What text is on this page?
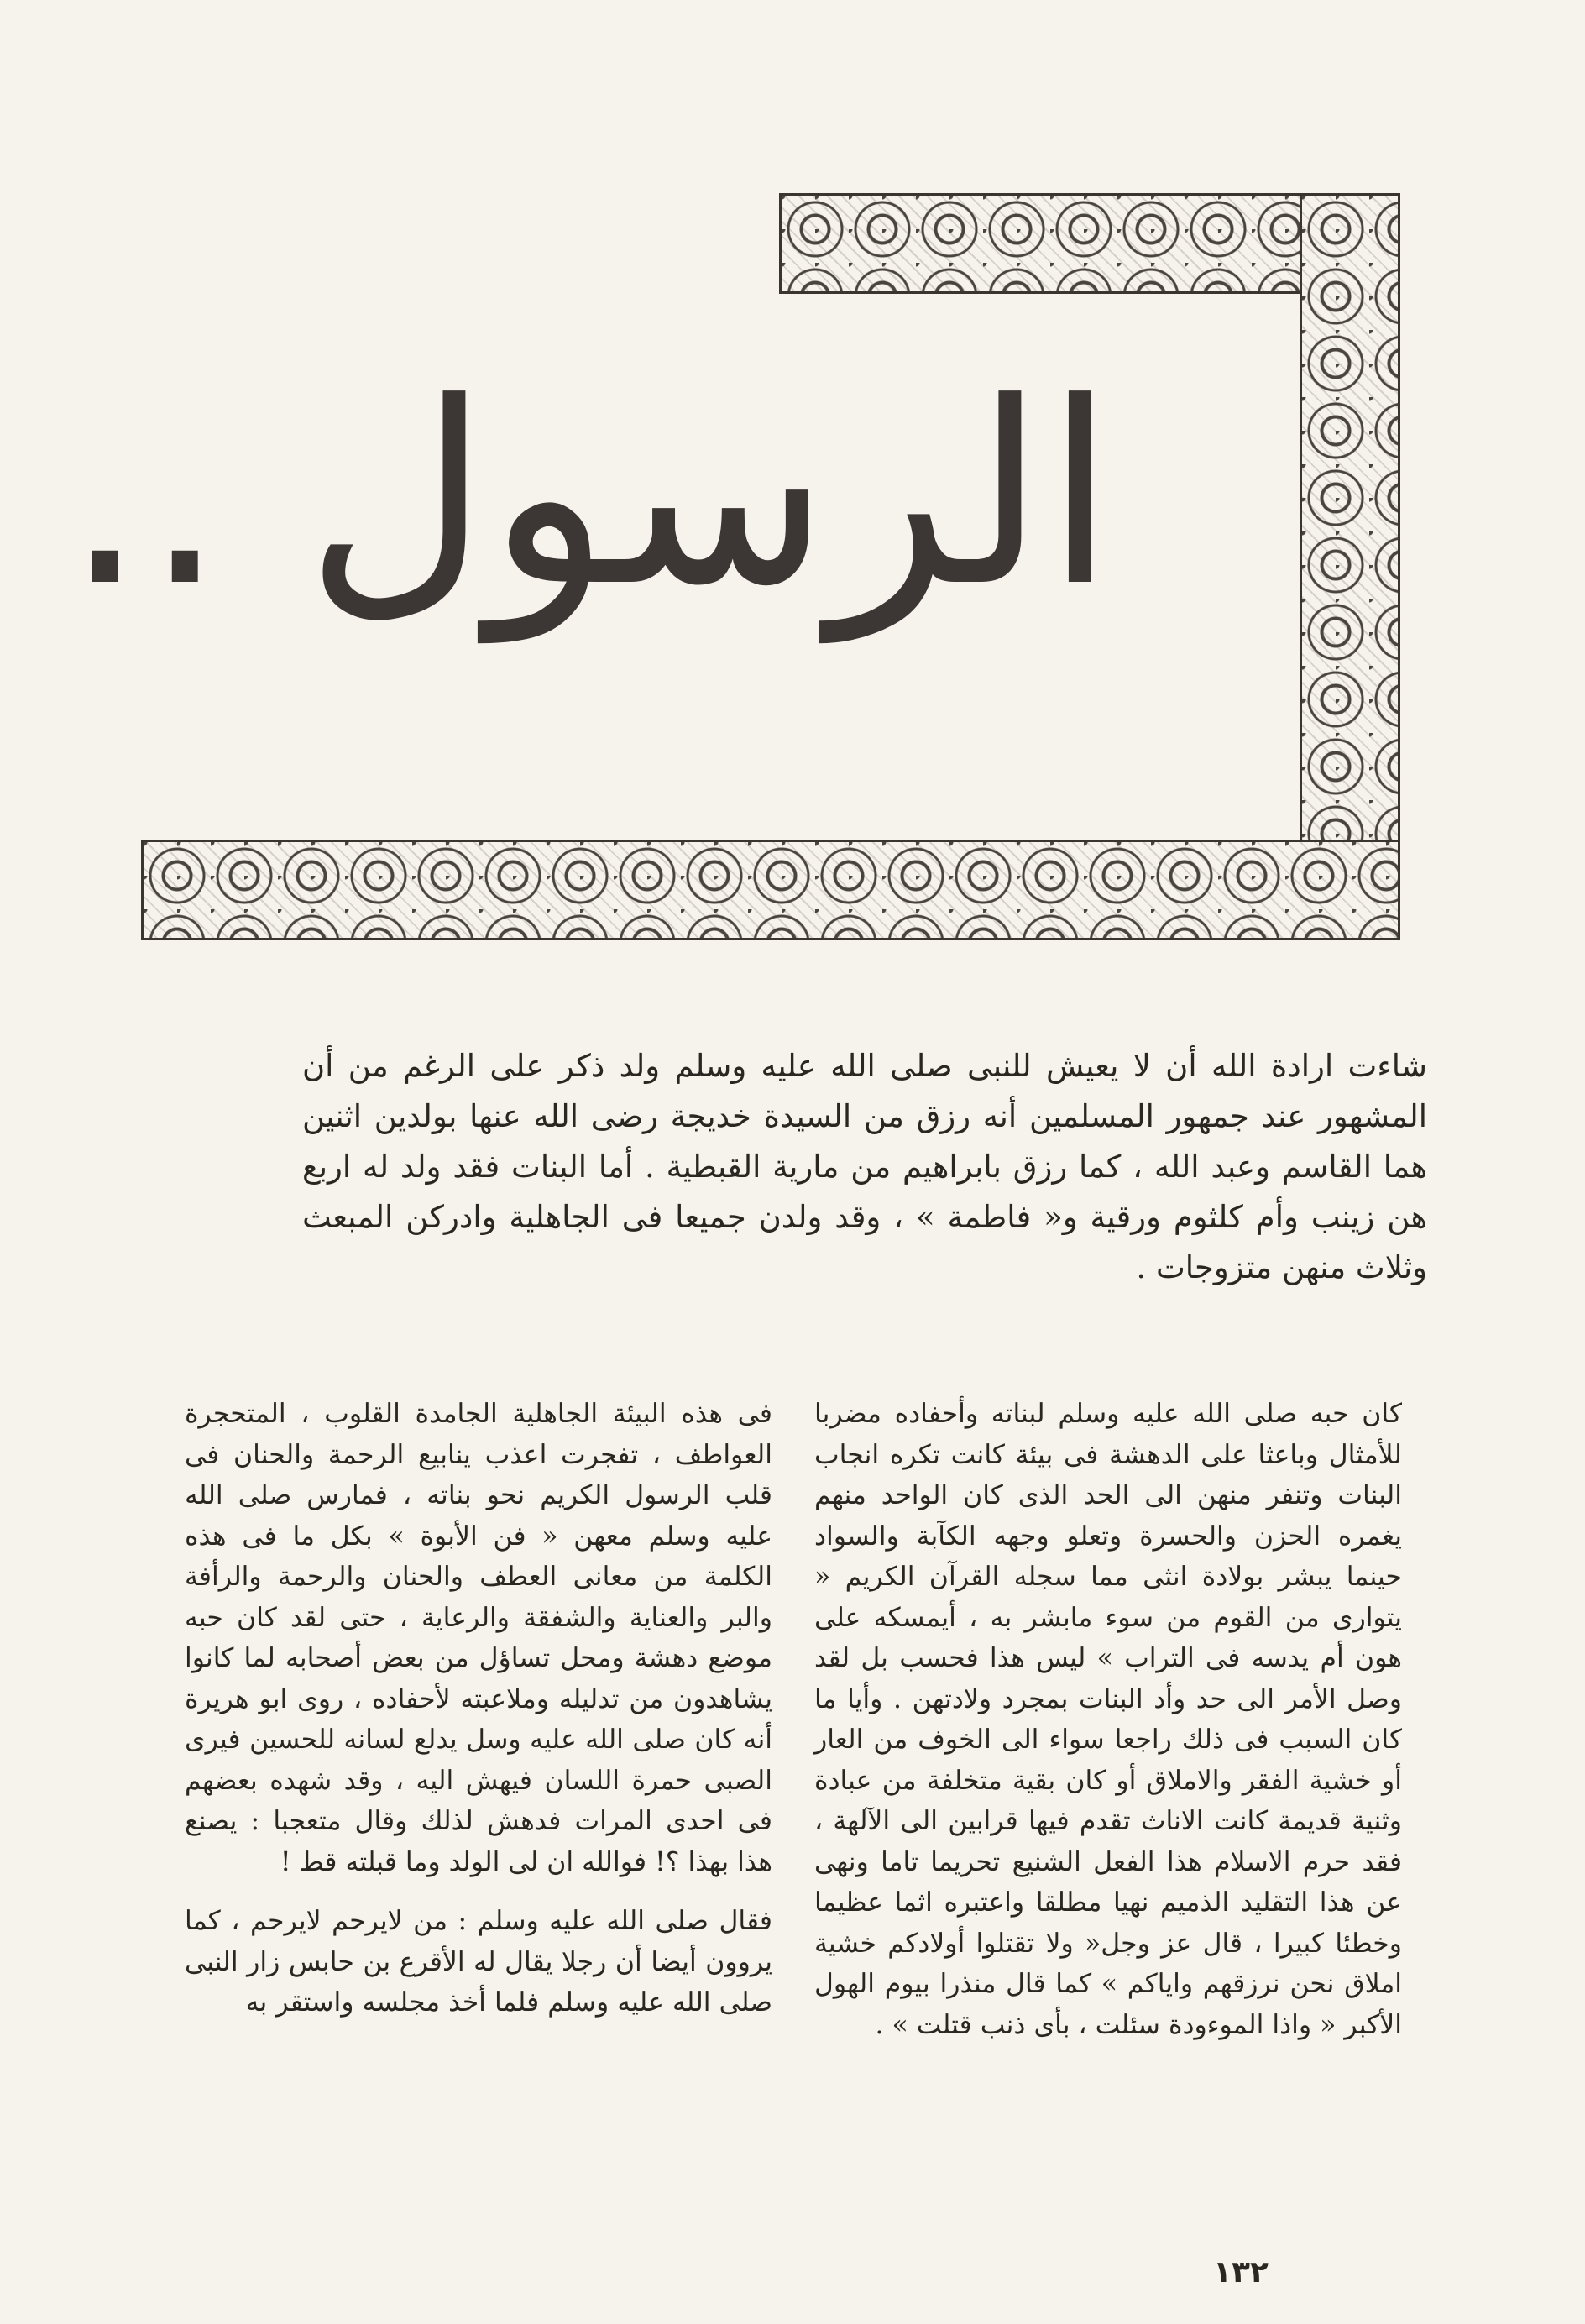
الرسول ..
شاءت ارادة الله أن لا يعيش للنبى صلى الله عليه وسلم ولد ذكر على الرغم من أن المشهور عند جمهور المسلمين أنه رزق من السيدة خديجة رضى الله عنها بولدين اثنين هما القاسم وعبد الله ، كما رزق بابراهيم من مارية القبطية . أما البنات فقد ولد له اربع هن زينب وأم كلثوم ورقية و« فاطمة » ، وقد ولدن جميعا فى الجاهلية وادركن المبعث وثلاث منهن متزوجات .

كان حبه صلى الله عليه وسلم لبناته وأحفاده مضربا للأمثال وباعثا على الدهشة فى بيئة كانت تكره انجاب البنات وتنفر منهن الى الحد الذى كان الواحد منهم يغمره الحزن والحسرة وتعلو وجهه الكآبة والسواد حينما يبشر بولادة انثى مما سجله القرآن الكريم « يتوارى من القوم من سوء مابشر به ، أيمسكه على هون أم يدسه فى التراب » ليس هذا فحسب بل لقد وصل الأمر الى حد وأد البنات بمجرد ولادتهن . وأيا ما كان السبب فى ذلك راجعا سواء الى الخوف من العار أو خشية الفقر والاملاق أو كان بقية متخلفة من عبادة وثنية قديمة كانت الاناث تقدم فيها قرابين الى الآلهة ، فقد حرم الاسلام هذا الفعل الشنيع تحريما تاما ونهى عن هذا التقليد الذميم نهيا مطلقا واعتبره اثما عظيما وخطئا كبيرا ، قال عز وجل« ولا تقتلوا أولادكم خشية املاق نحن نرزقهم واياكم » كما قال منذرا بيوم الهول الأكبر « واذا الموءودة سئلت ، بأى ذنب قتلت » .

فى هذه البيئة الجاهلية الجامدة القلوب ، المتحجرة العواطف ، تفجرت اعذب ينابيع الرحمة والحنان فى قلب الرسول الكريم نحو بناته ، فمارس صلى الله عليه وسلم معهن « فن الأبوة » بكل ما فى هذه الكلمة من معانى العطف والحنان والرحمة والرأفة والبر والعناية والشفقة والرعاية ، حتى لقد كان حبه موضع دهشة ومحل تساؤل من بعض أصحابه لما كانوا يشاهدون من تدليله وملاعبته لأحفاده ، روى ابو هريرة أنه كان صلى الله عليه وسل يدلع لسانه للحسين فيرى الصبى حمرة اللسان فيهش اليه ، وقد شهده بعضهم فى احدى المرات فدهش لذلك وقال متعجبا : يصنع هذا بهذا ؟! فوالله ان لى الولد وما قبلته قط !

فقال صلى الله عليه وسلم : من لايرحم لايرحم ، كما يروون أيضا أن رجلا يقال له الأقرع بن حابس زار النبى صلى الله عليه وسلم فلما أخذ مجلسه واستقر به

١٣٢
